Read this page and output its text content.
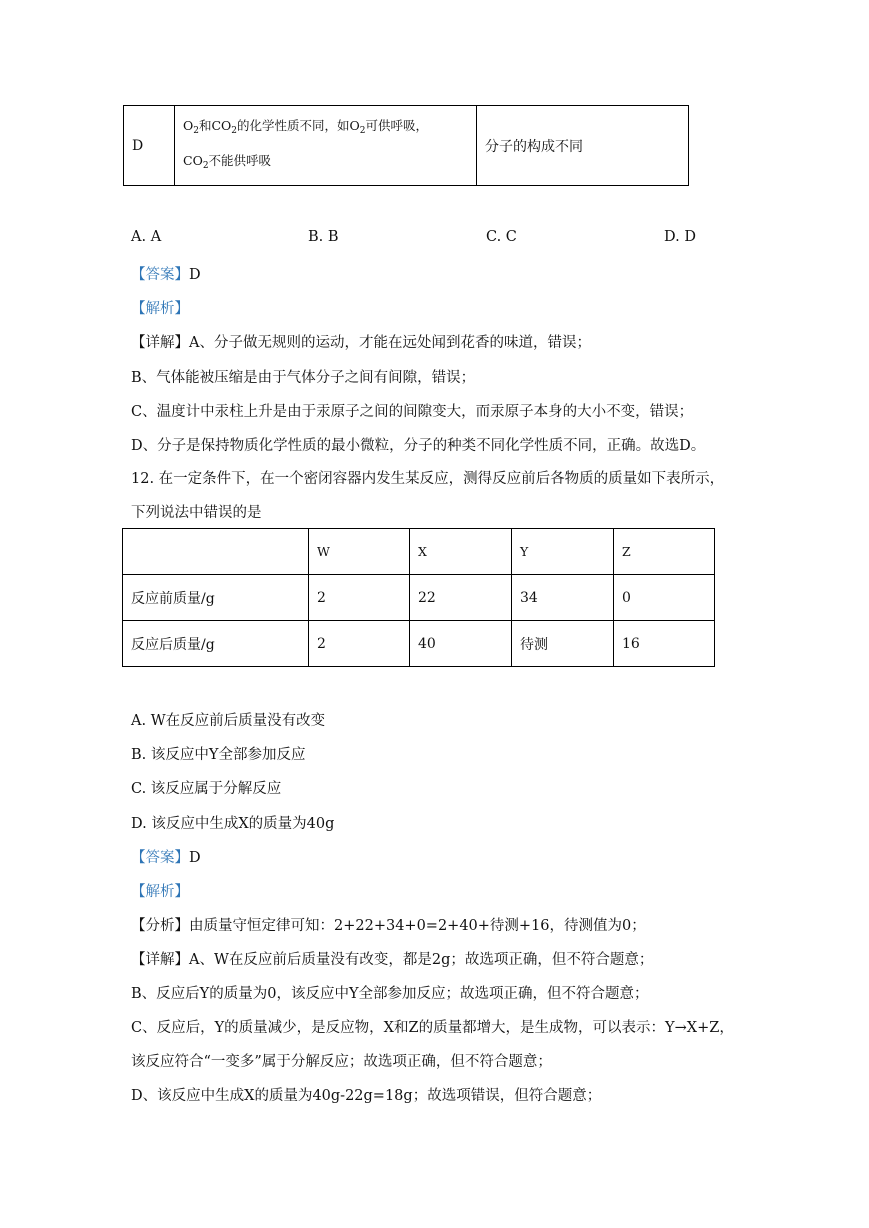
D	$O_2$和$CO_2$的化学性质不同，如$O_2$可供呼吸，
$CO_2$不能供呼吸	分子的构成不同
A. A	B. B	C. C	D. D
【答案】D
【解析】
【详解】A、分子做无规则的运动，才能在远处闻到花香的味道，错误；
B、气体能被压缩是由于气体分子之间有间隙，错误；
C、温度计中汞柱上升是由于汞原子之间的间隙变大，而汞原子本身的大小不变，错误；
D、分子是保持物质化学性质的最小微粒，分子的种类不同化学性质不同，正确。故选D。
12. 在一定条件下，在一个密闭容器内发生某反应，测得反应前后各物质的质量如下表所示，
下列说法中错误的是
	W	X	Y	Z
反应前质量/g	2	22	34	0
反应后质量/g	2	40	待测	16
A. W在反应前后质量没有改变
B. 该反应中Y全部参加反应
C. 该反应属于分解反应
D. 该反应中生成X的质量为40g
【答案】D
【解析】
【分析】由质量守恒定律可知：2+22+34+0=2+40+待测+16，待测值为0；
【详解】A、W在反应前后质量没有改变，都是2g；故选项正确，但不符合题意；
B、反应后Y的质量为0，该反应中Y全部参加反应；故选项正确，但不符合题意；
C、反应后，Y的质量减少，是反应物，X和Z的质量都增大，是生成物，可以表示：Y→X+Z，
该反应符合“一变多”属于分解反应；故选项正确，但不符合题意；
D、该反应中生成X的质量为40g-22g=18g；故选项错误，但符合题意；
